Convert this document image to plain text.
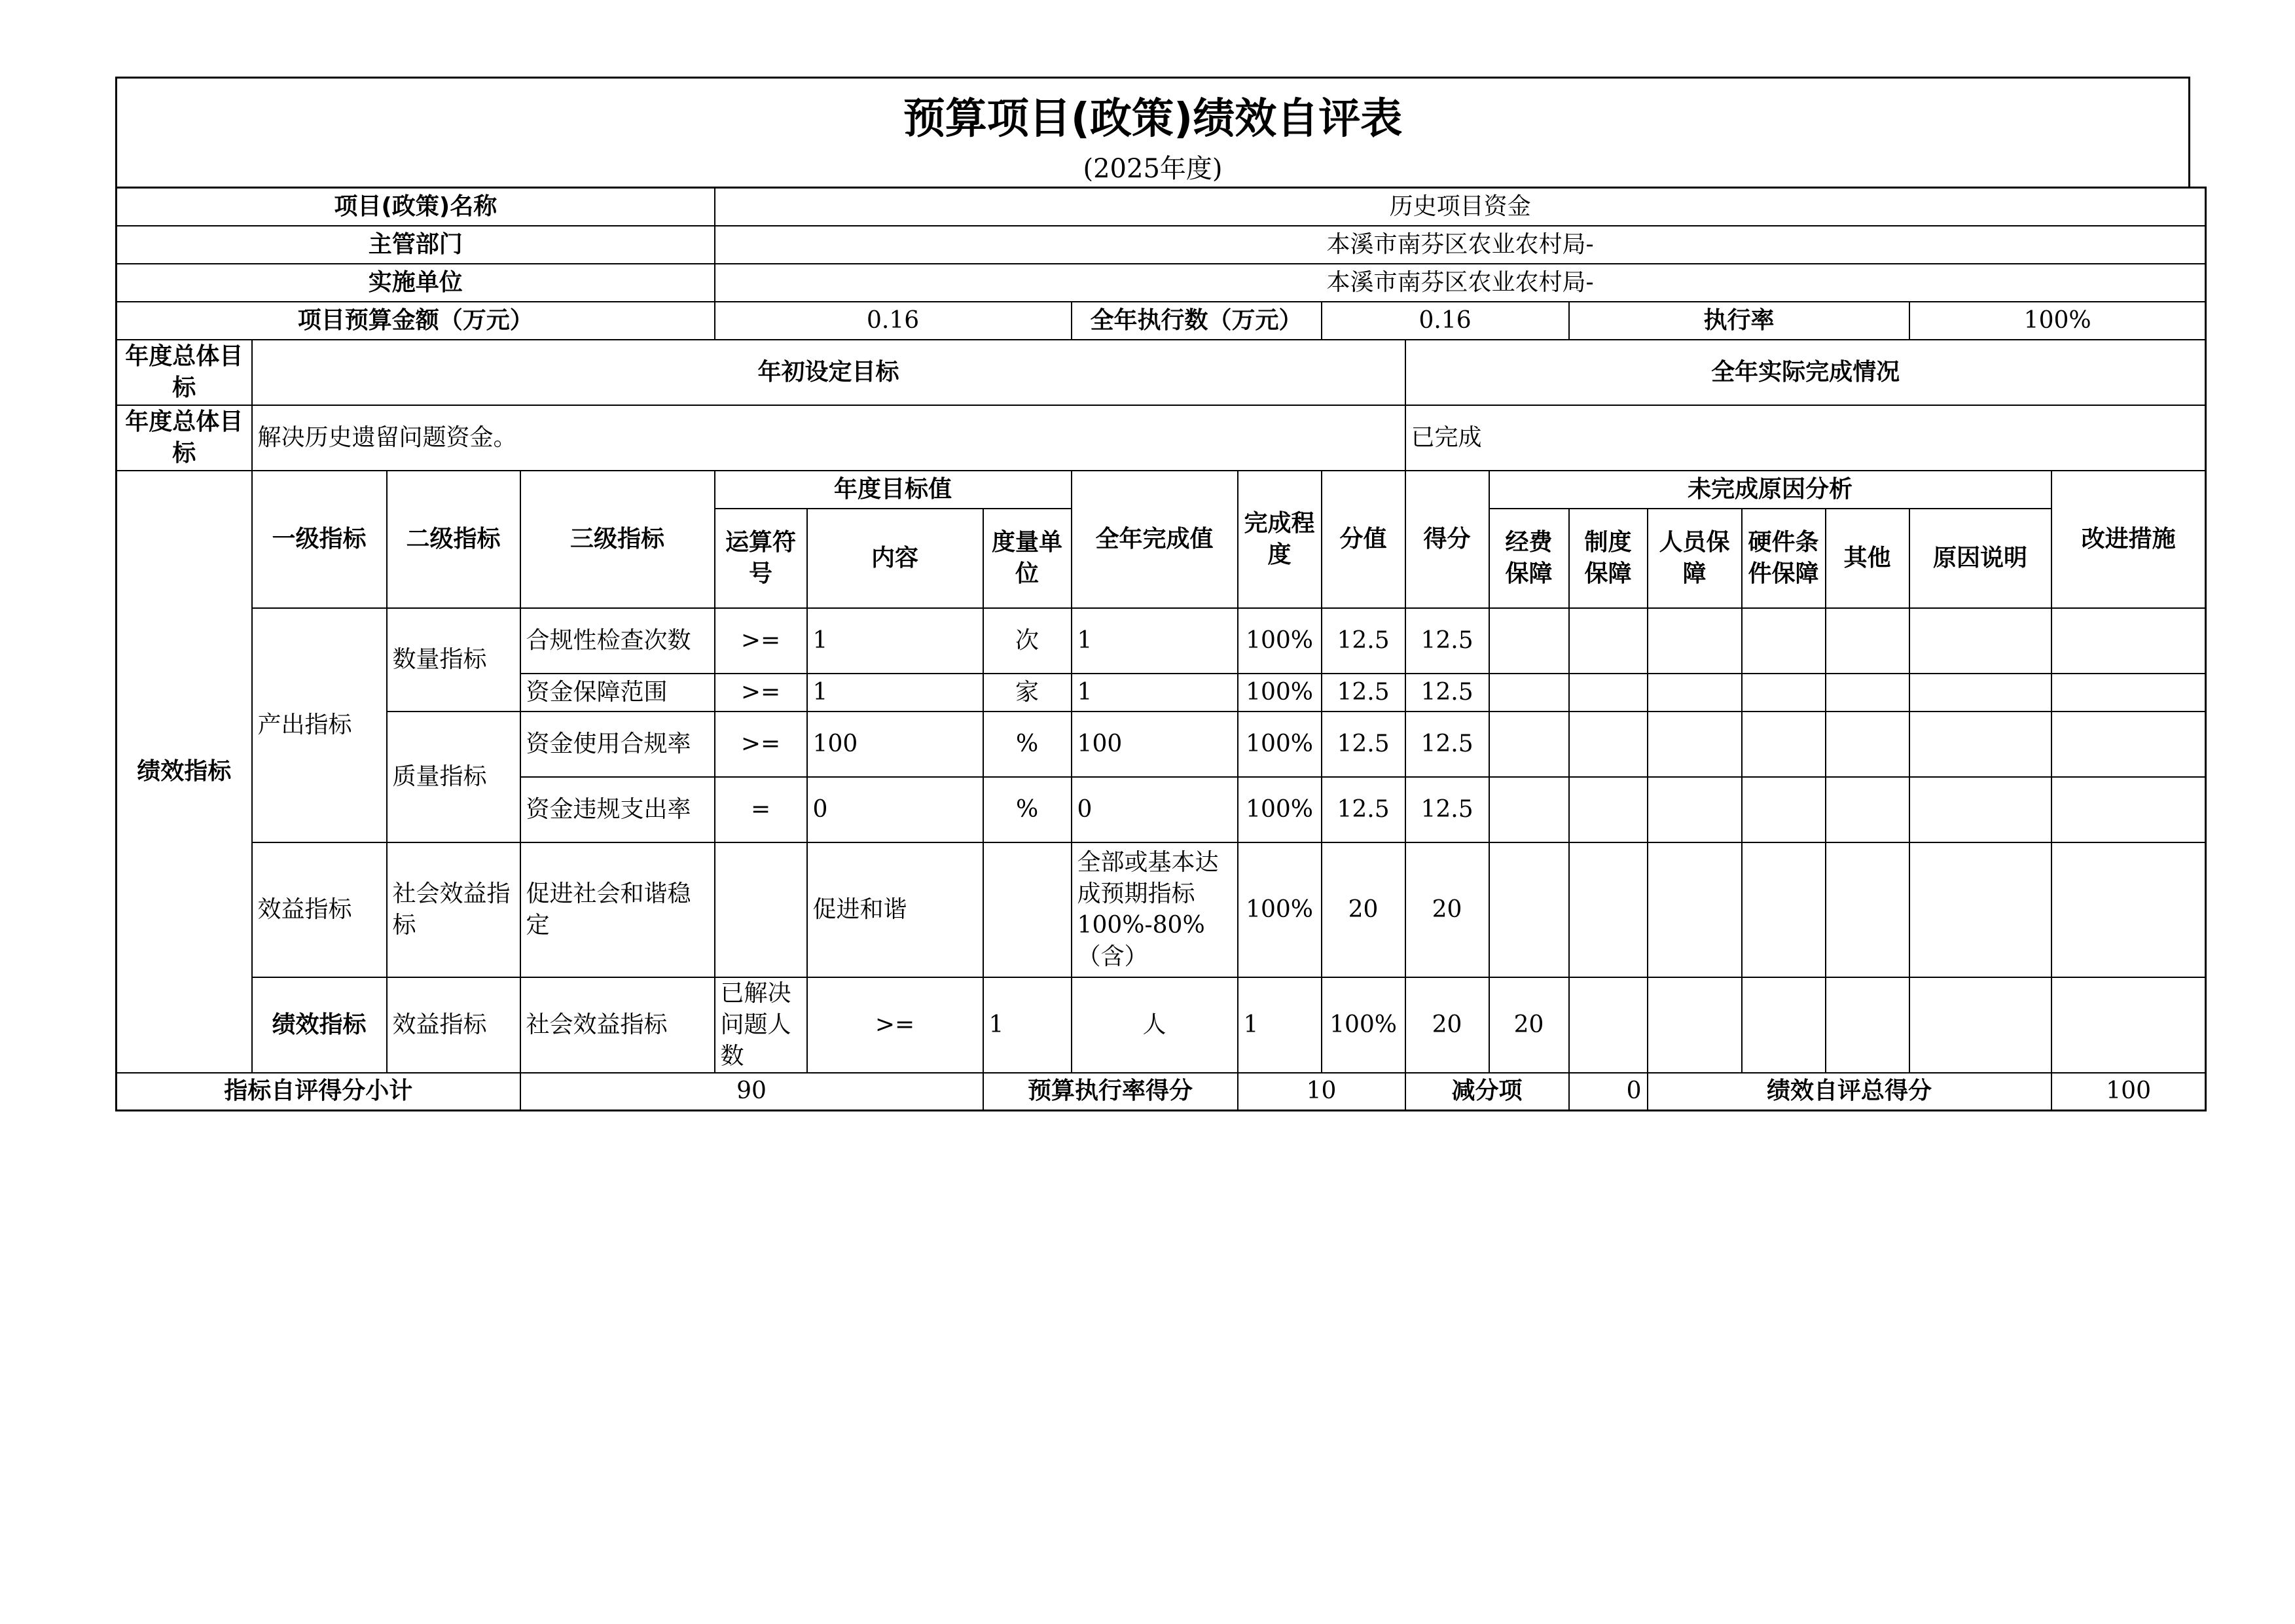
预算项目(政策)绩效自评表
(2025年度)
项目(政策)名称				历史项目资金														
主管部门				本溪市南芬区农业农村局-														
实施单位				本溪市南芬区农业农村局-														
项目预算金额（万元）				0.16			全年执行数（万元）		0.16			执行率				100%		
年度总体目标	年初设定目标									全年实际完成情况								
年度总体目标	解决历史遗留问题资金。									已完成								
绩效指标	一级指标	二级指标	三级指标	年度目标值			全年完成值	完成程度	分值	得分	未完成原因分析						改进措施	
				运算符号	内容	度量单位					经费保障	制度保障	人员保障	硬件条件保障	其他	原因说明		
	产出指标	数量指标	合规性检查次数	>=	1	次	1	100%	12.5	12.5								
			资金保障范围	>=	1	家	1	100%	12.5	12.5								
		质量指标	资金使用合规率	>=	100	%	100	100%	12.5	12.5								
			资金违规支出率	=	0	%	0	100%	12.5	12.5								
	效益指标	社会效益指标	促进社会和谐稳定		促进和谐		全部或基本达成预期指标100%-80%（含）	100%	20	20								
	绩效指标	效益指标	社会效益指标	已解决问题人数	>=	1	人	1	100%	20	20							
指标自评得分小计			90			预算执行率得分		10		减分项		0	绩效自评总得分				100	
